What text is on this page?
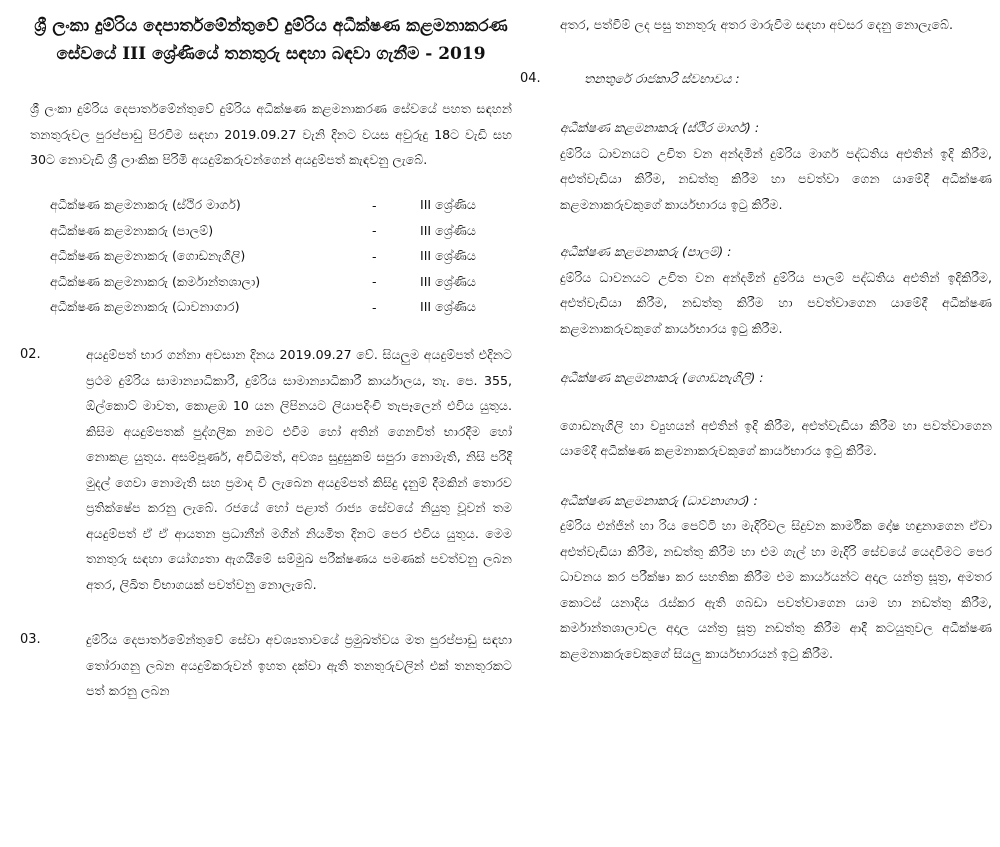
ශ්‍රී ලංකා දුම්රිය දෙපාර්තමේන්තුවේ දුම්රිය අධීක්ෂණ කළමනාකරණ සේවයේ III ශ්‍රේණියේ තනතුරු සඳහා බඳවා ගැනීම - 2019

ශ්‍රී ලංකා දුම්රිය දෙපාර්තමේන්තුවේ දුම්රිය අධීක්ෂණ කළමනාකරණ සේවයේ පහත සඳහන් තනතුරුවල පුරප්පාඩු පිරවීම සඳහා 2019.09.27 වැනි දිනට වයස අවුරුදු 18ට වැඩි සහ 30ට නොවැඩි ශ්‍රී ලාංකික පිරිමි අයදුම්කරුවන්ගෙන් අයදුම්පත් කැඳවනු ලැබේ.

අධීක්ෂණ කළමනාකරු (ස්ථිර මාර්ග)	-	III ශ්‍රේණිය
අධීක්ෂණ කළමනාකරු (පාලම්)	-	III ශ්‍රේණිය
අධීක්ෂණ කළමනාකරු (ගොඩනැගිලි)	-	III ශ්‍රේණිය
අධීක්ෂණ කළමනාකරු (කර්මාන්තශාලා)	-	III ශ්‍රේණිය
අධීක්ෂණ කළමනාකරු (ධාවනාගාර)	-	III ශ්‍රේණිය
02.	අයදුම්පත් භාර ගන්නා අවසාන දිනය 2019.09.27 වේ. සියලුම අයදුම්පත් එදිනට ප්‍රථම දුම්රිය සාමාන්‍යාධිකාරී, දුම්රිය සාමාන්‍යාධිකාරී කාර්යාලය, තැ. පෙ. 355, ඕල්කොට් මාවත, කොළඹ 10 යන ලිපිනයට ලියාපදිංචි තැපෑලෙන් එවිය යුතුය. කිසිම අයදුම්පතක් පුද්ගලික නමට එවීම හෝ අතින් ගෙනවිත් භාරදීම හෝ නොකළ යුතුය. අසම්පූර්ණ, අවිධිමත්, අවශ්‍ය සුදුසුකම් සපුරා නොමැති, නිසි පරිදි මුදල් ගෙවා නොමැති සහ ප්‍රමාද වී ලැබෙන අයදුම්පත් කිසිදු දැනුම් දීමකින් තොරව ප්‍රතික්ෂේප කරනු ලැබේ. රජයේ හෝ පළාත් රාජ්‍ය සේවයේ නියුතු වූවන් තම අයදුම්පත් ඒ ඒ ආයතන ප්‍රධානීන් මගින් නියමිත දිනට පෙර එවිය යුතුය. මෙම තනතුරු සඳහා යෝග්‍යතා ඇගයීමේ සම්මුඛ පරීක්ෂණය පමණක් පවත්වනු ලබන අතර, ලිඛිත විභාගයක් පවත්වනු නොලැබේ.

03.	දුම්රිය දෙපාර්තමේන්තුවේ සේවා අවශ්‍යතාවයේ ප්‍රමුඛත්වය මත පුරප්පාඩු සඳහා තෝරාගනු ලබන අයදුම්කරුවන් ඉහත දක්වා ඇති තනතුරුවලින් එක් තනතුරකට පත් කරනු ලබන

අතර, පත්වීම් ලද පසු තනතුරු අතර මාරුවීම සඳහා අවසර දෙනු නොලැබේ.

04.	තනතුරේ රාජකාරි ස්වභාවය :

අධීක්ෂණ කළමනාකරු (ස්ථිර මාර්ග) :

දුම්රිය ධාවනයට උචිත වන අන්දමින් දුම්රිය මාර්ග පද්ධතිය අළුතින් ඉදි කිරීම, අළුත්වැඩියා කිරීම, නඩත්තු කිරීම හා පවත්වා ගෙන යාමේදී අධීක්ෂණ කළමනාකරුවකුගේ කාර්යභාරය ඉටු කිරීම.

අධීක්ෂණ කළමනාකරු (පාලම්) :

දුම්රිය ධාවනයට උචිත වන අන්දමින් දුම්රිය පාලම් පද්ධතිය අළුතින් ඉදිකිරීම, අළුත්වැඩියා කිරීම, නඩත්තු කිරීම හා පවත්වාගෙන යාමේදී අධීක්ෂණ කළමනාකරුවකුගේ කාර්යභාරය ඉටු කිරීම.

අධීක්ෂණ කළමනාකරු (ගොඩනැගිලි) :

ගොඩනැගිලි හා ව්‍යුහයන් අළුතින් ඉදි කිරීම, අළුත්වැඩියා කිරීම හා පවත්වාගෙන යාමේදී අධීක්ෂණ කළමනාකරුවකුගේ කාර්යභාරය ඉටු කිරීම.

අධීක්ෂණ කළමනාකරු (ධාවනාගාර) :

දුම්රිය එන්ජින් හා රිය පෙට්ටි හා මැදිරිවල සිදුවන කාර්මික දෝෂ හඳුනාගෙන ඒවා අළුත්වැඩියා කිරීම, නඩත්තු කිරීම හා එම ගැල් හා මැදිරි සේවයේ යෙදවීමට පෙර ධාවනය කර පරීක්ෂා කර සහතික කිරීම එම කාර්යයන්ට අදාල යන්ත්‍ර සූත්‍ර, අමතර කොටස් යනාදිය රැස්කර ඇති ගබඩා පවත්වාගෙන යාම හා නඩත්තු කිරීම, කර්මාන්තශාලාවල අදාල යන්ත්‍ර සූත්‍ර නඩත්තු කිරීම ආදී කටයුතුවල අධීක්ෂණ කළමනාකරුවෙකුගේ සියලු කාර්යභාරයන් ඉටු කිරීම.
